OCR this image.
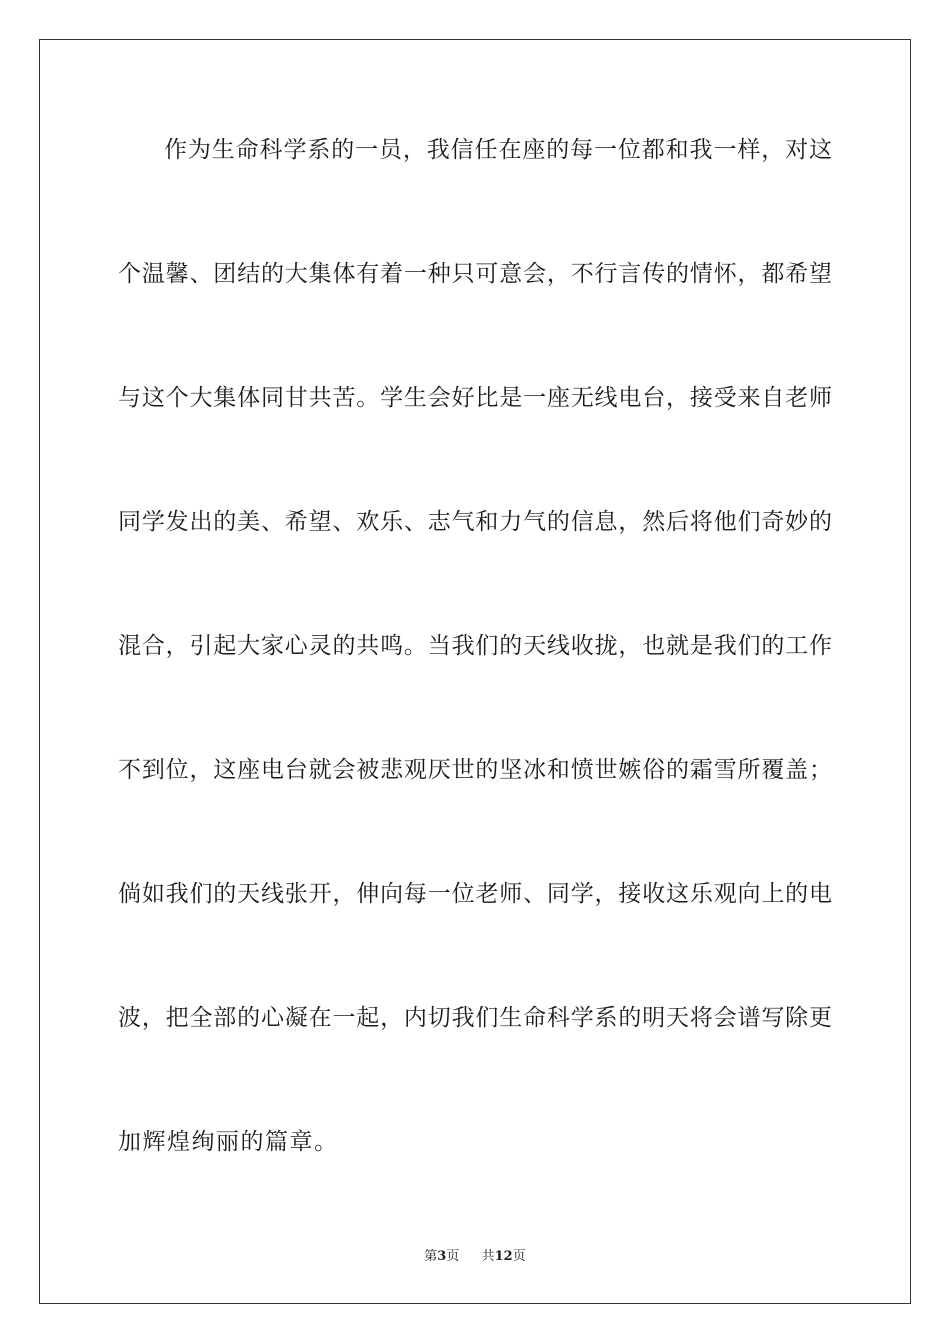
作为生命科学系的一员，我信任在座的每一位都和我一样，对这
个温馨、团结的大集体有着一种只可意会，不行言传的情怀，都希望
与这个大集体同甘共苦。学生会好比是一座无线电台，接受来自老师
同学发出的美、希望、欢乐、志气和力气的信息，然后将他们奇妙的
混合，引起大家心灵的共鸣。当我们的天线收拢，也就是我们的工作
不到位，这座电台就会被悲观厌世的坚冰和愤世嫉俗的霜雪所覆盖；
倘如我们的天线张开，伸向每一位老师、同学，接收这乐观向上的电
波，把全部的心凝在一起，内切我们生命科学系的明天将会谱写除更
加辉煌绚丽的篇章。
第3页 共12页
